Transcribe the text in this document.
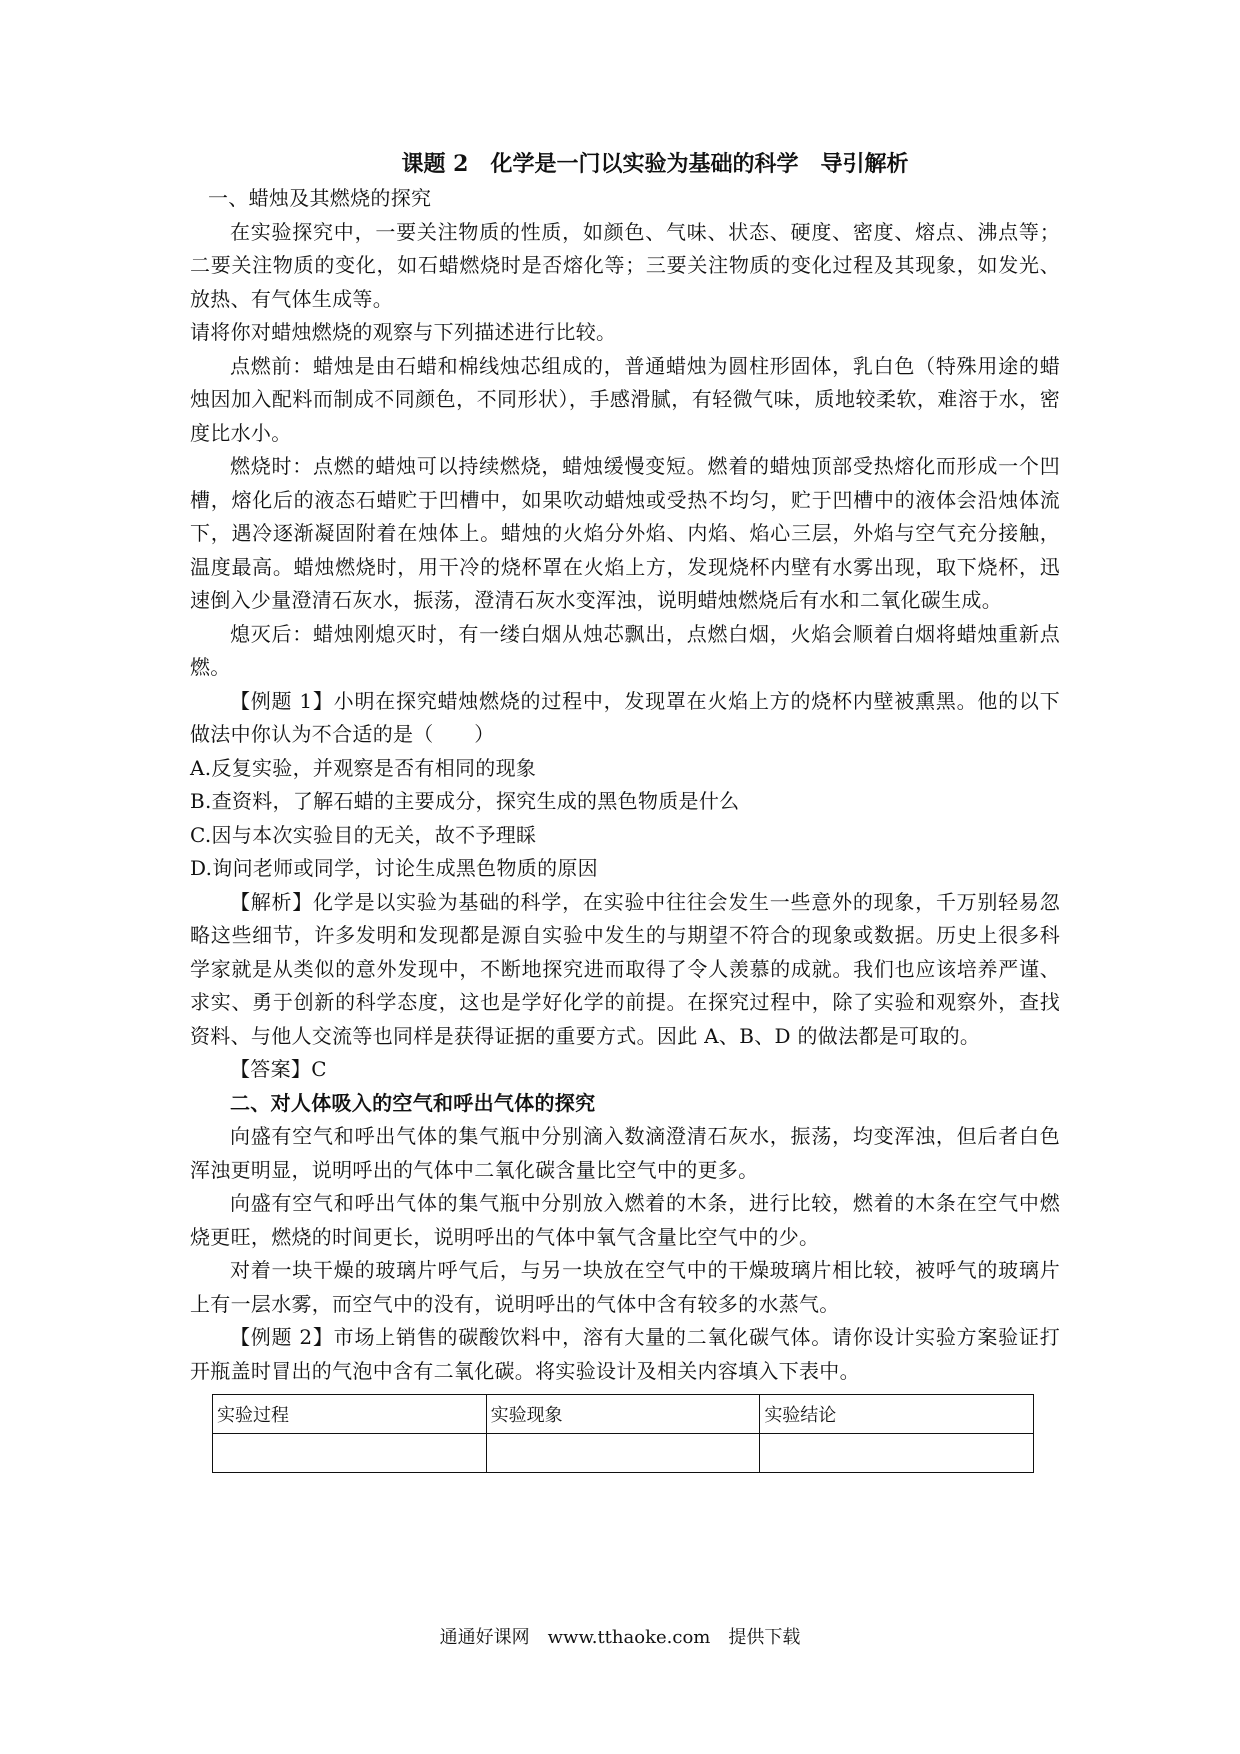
课题 2　化学是一门以实验为基础的科学　导引解析

一、蜡烛及其燃烧的探究

在实验探究中，一要关注物质的性质，如颜色、气味、状态、硬度、密度、熔点、沸点等；二要关注物质的变化，如石蜡燃烧时是否熔化等；三要关注物质的变化过程及其现象，如发光、放热、有气体生成等。

请将你对蜡烛燃烧的观察与下列描述进行比较。

点燃前：蜡烛是由石蜡和棉线烛芯组成的，普通蜡烛为圆柱形固体，乳白色（特殊用途的蜡烛因加入配料而制成不同颜色，不同形状），手感滑腻，有轻微气味，质地较柔软，难溶于水，密度比水小。

燃烧时：点燃的蜡烛可以持续燃烧，蜡烛缓慢变短。燃着的蜡烛顶部受热熔化而形成一个凹槽，熔化后的液态石蜡贮于凹槽中，如果吹动蜡烛或受热不均匀，贮于凹槽中的液体会沿烛体流下，遇冷逐渐凝固附着在烛体上。蜡烛的火焰分外焰、内焰、焰心三层，外焰与空气充分接触，温度最高。蜡烛燃烧时，用干冷的烧杯罩在火焰上方，发现烧杯内壁有水雾出现，取下烧杯，迅速倒入少量澄清石灰水，振荡，澄清石灰水变浑浊，说明蜡烛燃烧后有水和二氧化碳生成。

熄灭后：蜡烛刚熄灭时，有一缕白烟从烛芯飘出，点燃白烟，火焰会顺着白烟将蜡烛重新点燃。

【例题 1】小明在探究蜡烛燃烧的过程中，发现罩在火焰上方的烧杯内壁被熏黑。他的以下做法中你认为不合适的是（　　）

A.反复实验，并观察是否有相同的现象

B.查资料，了解石蜡的主要成分，探究生成的黑色物质是什么

C.因与本次实验目的无关，故不予理睬

D.询问老师或同学，讨论生成黑色物质的原因

【解析】化学是以实验为基础的科学，在实验中往往会发生一些意外的现象，千万别轻易忽略这些细节，许多发明和发现都是源自实验中发生的与期望不符合的现象或数据。历史上很多科学家就是从类似的意外发现中，不断地探究进而取得了令人羡慕的成就。我们也应该培养严谨、求实、勇于创新的科学态度，这也是学好化学的前提。在探究过程中，除了实验和观察外，查找资料、与他人交流等也同样是获得证据的重要方式。因此 A、B、D 的做法都是可取的。

【答案】C

二、对人体吸入的空气和呼出气体的探究

向盛有空气和呼出气体的集气瓶中分别滴入数滴澄清石灰水，振荡，均变浑浊，但后者白色浑浊更明显，说明呼出的气体中二氧化碳含量比空气中的更多。

向盛有空气和呼出气体的集气瓶中分别放入燃着的木条，进行比较，燃着的木条在空气中燃烧更旺，燃烧的时间更长，说明呼出的气体中氧气含量比空气中的少。

对着一块干燥的玻璃片呼气后，与另一块放在空气中的干燥玻璃片相比较，被呼气的玻璃片上有一层水雾，而空气中的没有，说明呼出的气体中含有较多的水蒸气。

【例题 2】市场上销售的碳酸饮料中，溶有大量的二氧化碳气体。请你设计实验方案验证打开瓶盖时冒出的气泡中含有二氧化碳。将实验设计及相关内容填入下表中。

实验过程	实验现象	实验结论

通通好课网　www.tthaoke.com　提供下载
